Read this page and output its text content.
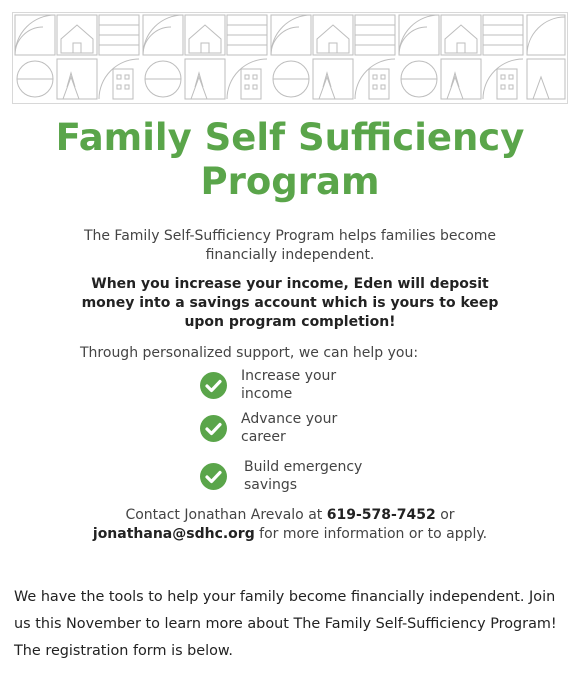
Family Self Sufficiency
Program
The Family Self-Sufficiency Program helps families become financially independent.
When you increase your income, Eden will deposit money into a savings account which is yours to keep upon program completion!
Through personalized support, we can help you:
Increase your
income
Advance your
career
Build emergency
savings
Contact Jonathan Arevalo at 619-578-7452 or
jonathana@sdhc.org for more information or to apply.

We have the tools to help your family become financially independent. Join us this November to learn more about The Family Self-Sufficiency Program! The registration form is below.
